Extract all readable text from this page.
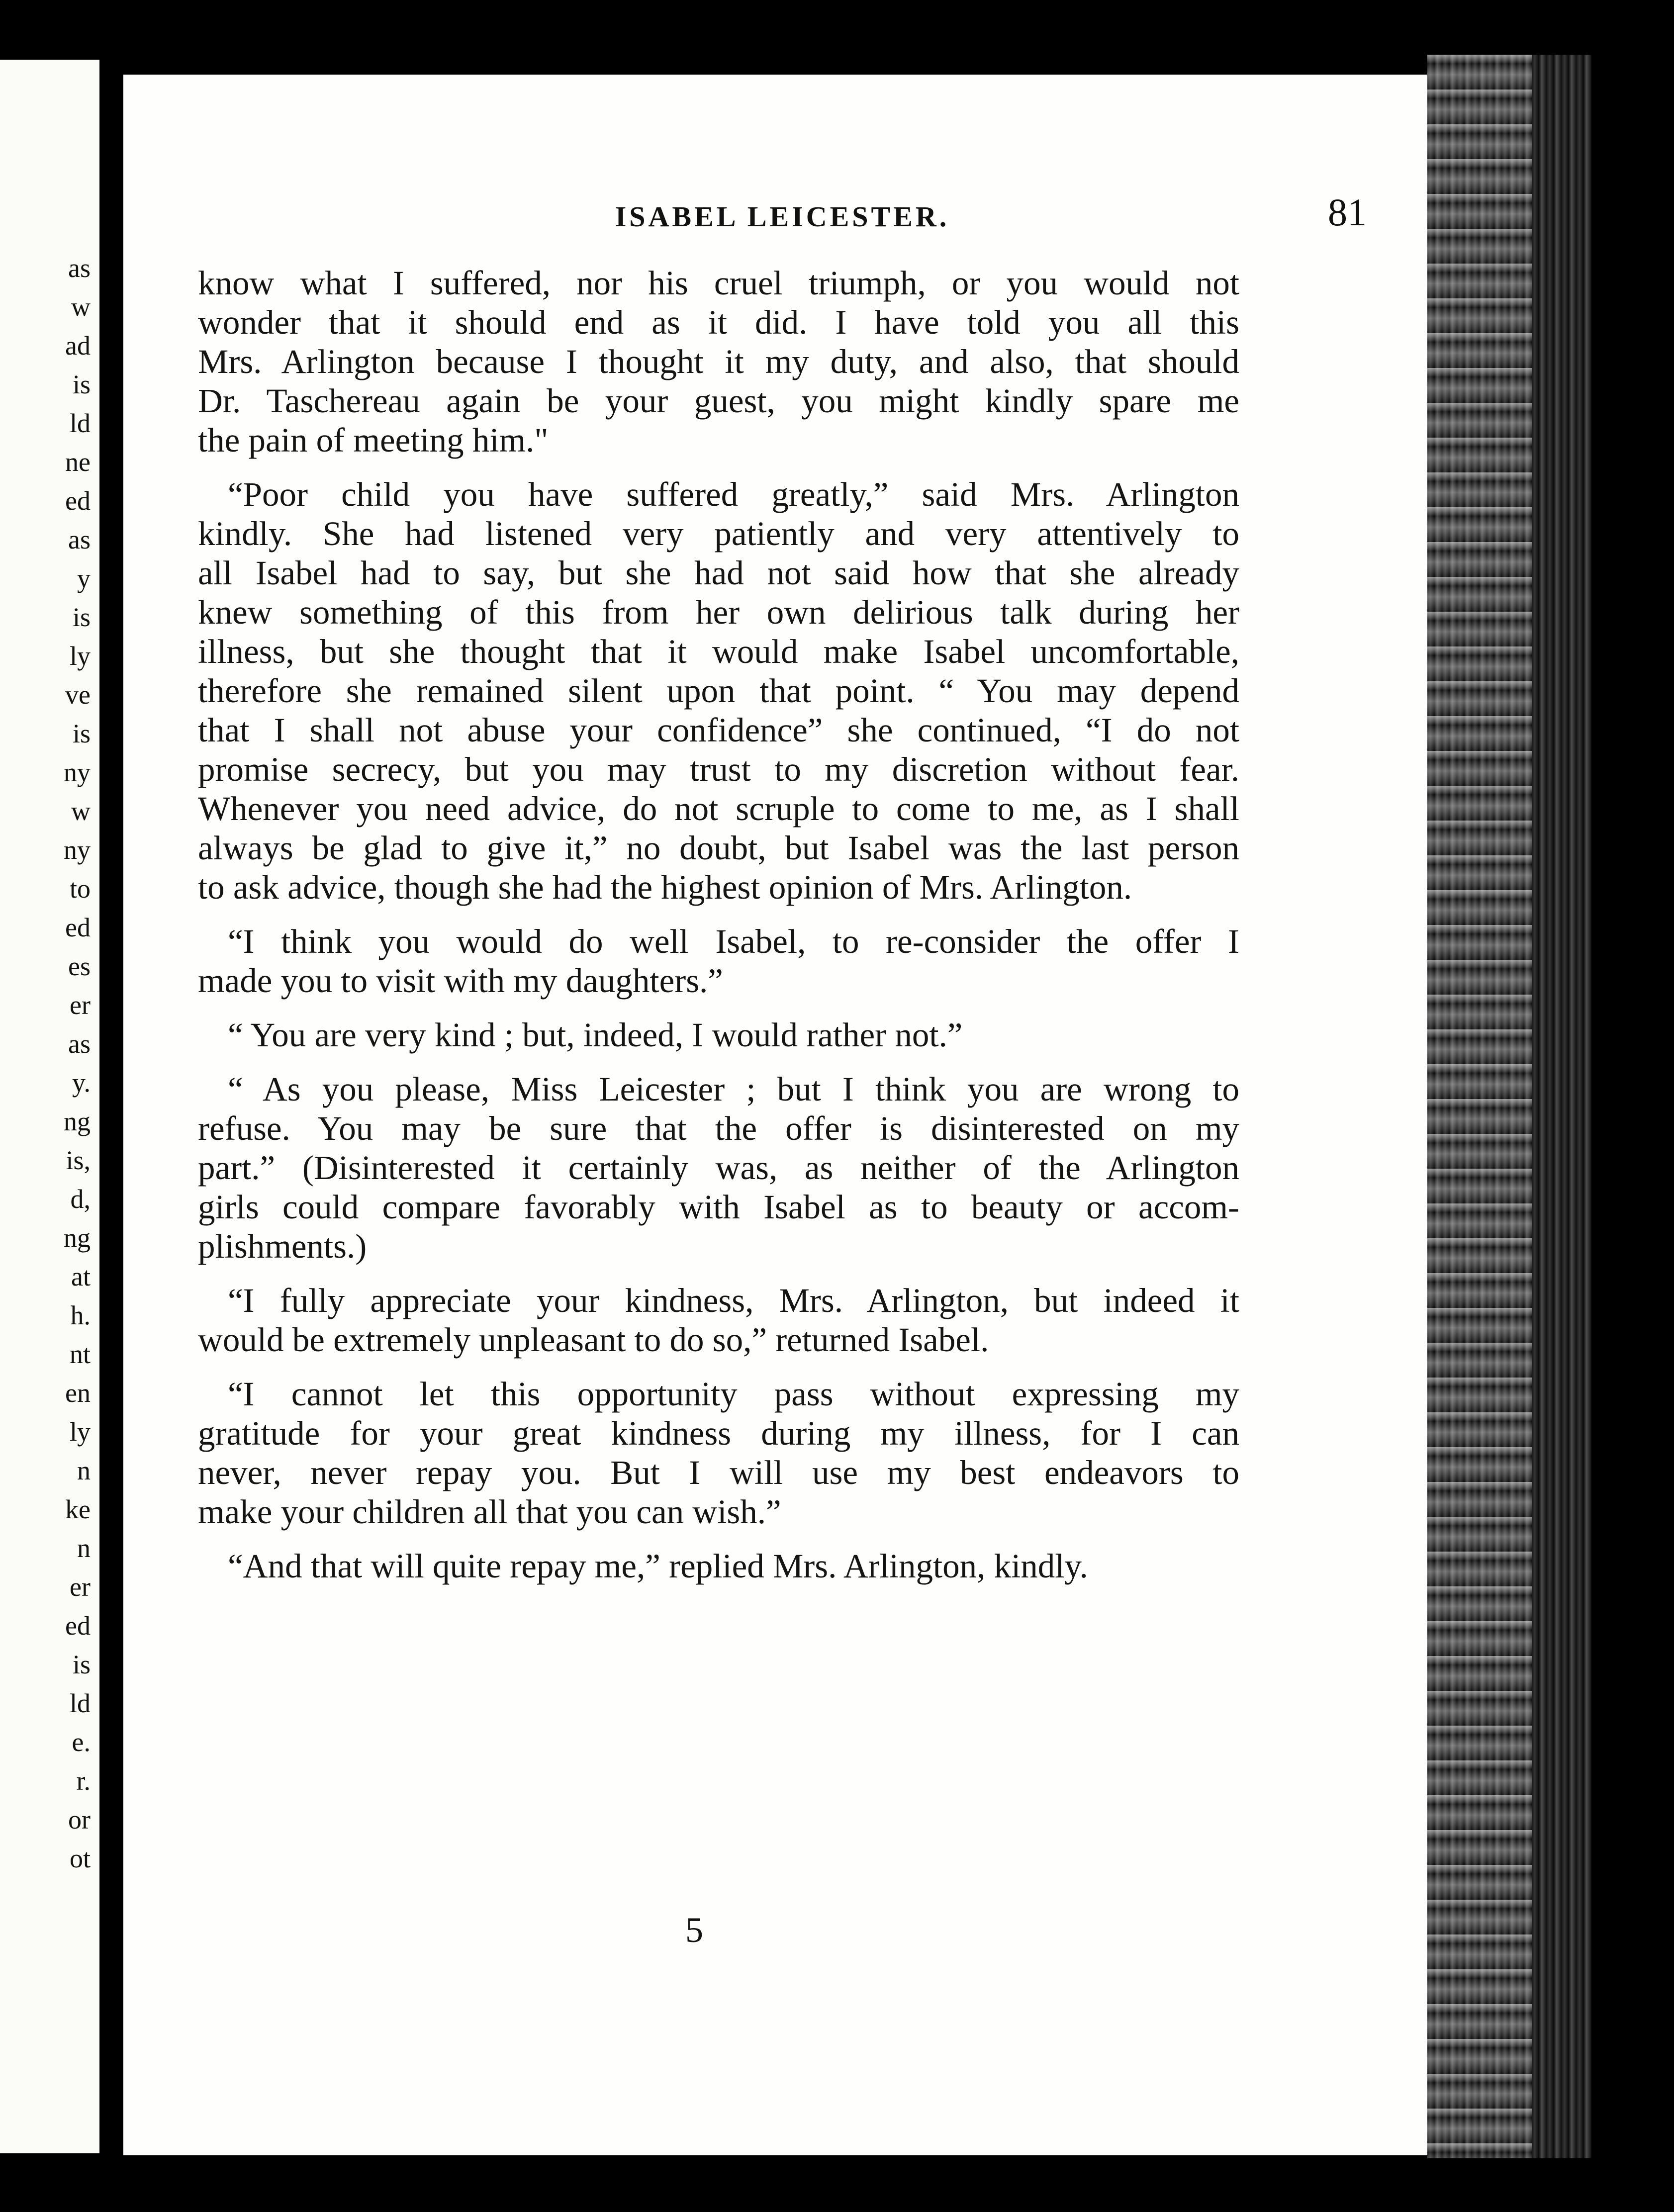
as
w
ad
is
ld
ne
ed
as
y
is
ly
ve
is
ny
w
ny
to
ed
es
er
as
y.
ng
is,
d,
ng
at
h.
nt
en
ly
n
ke
n
er
ed
is
ld
e.
r.
or
ot
ISABEL LEICESTER.	81
know what I suffered, nor his cruel triumph, or you would not
wonder that it should end as it did. I have told you all this
Mrs. Arlington because I thought it my duty, and also, that should
Dr. Taschereau again be your guest, you might kindly spare me
the pain of meeting him."
“Poor child you have suffered greatly,” said Mrs. Arlington
kindly. She had listened very patiently and very attentively to
all Isabel had to say, but she had not said how that she already
knew something of this from her own delirious talk during her
illness, but she thought that it would make Isabel uncomfortable,
therefore she remained silent upon that point. “ You may depend
that I shall not abuse your confidence” she continued, “I do not
promise secrecy, but you may trust to my discretion without fear.
Whenever you need advice, do not scruple to come to me, as I shall
always be glad to give it,” no doubt, but Isabel was the last person
to ask advice, though she had the highest opinion of Mrs. Arlington.
“I think you would do well Isabel, to re-consider the offer I
made you to visit with my daughters.”
“ You are very kind ; but, indeed, I would rather not.”
“ As you please, Miss Leicester ; but I think you are wrong to
refuse. You may be sure that the offer is disinterested on my
part.” (Disinterested it certainly was, as neither of the Arlington
girls could compare favorably with Isabel as to beauty or accom-
plishments.)
“I fully appreciate your kindness, Mrs. Arlington, but indeed it
would be extremely unpleasant to do so,” returned Isabel.
“I cannot let this opportunity pass without expressing my
gratitude for your great kindness during my illness, for I can
never, never repay you. But I will use my best endeavors to
make your children all that you can wish.”
“And that will quite repay me,” replied Mrs. Arlington, kindly.
5
